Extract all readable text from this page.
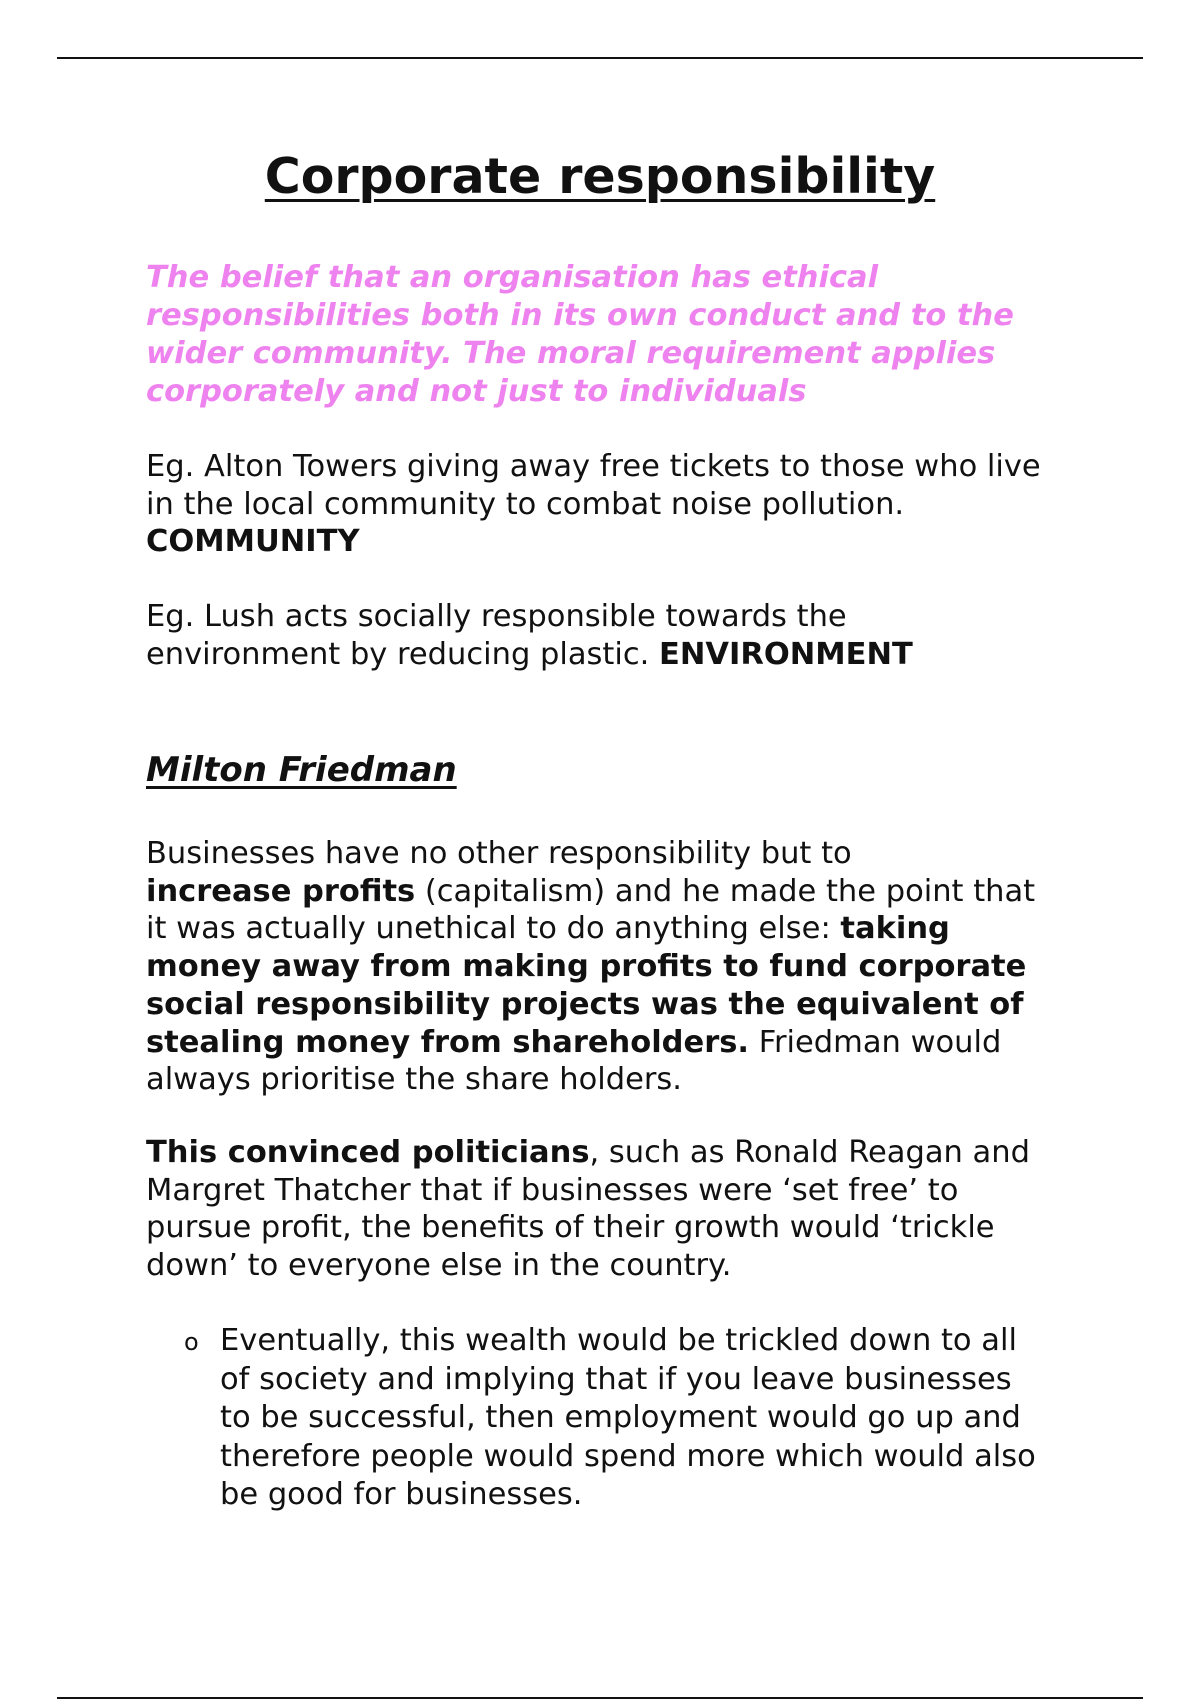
Corporate responsibility

The belief that an organisation has ethical responsibilities both in its own conduct and to the wider community. The moral requirement applies corporately and not just to individuals

Eg. Alton Towers giving away free tickets to those who live in the local community to combat noise pollution.
COMMUNITY

Eg. Lush acts socially responsible towards the environment by reducing plastic. ENVIRONMENT

Milton Friedman

Businesses have no other responsibility but to
increase profits (capitalism) and he made the point that it was actually unethical to do anything else: taking money away from making profits to fund corporate social responsibility projects was the equivalent of stealing money from shareholders. Friedman would always prioritise the share holders.

This convinced politicians, such as Ronald Reagan and Margret Thatcher that if businesses were ‘set free’ to pursue profit, the benefits of their growth would ‘trickle down’ to everyone else in the country.

o Eventually, this wealth would be trickled down to all of society and implying that if you leave businesses to be successful, then employment would go up and therefore people would spend more which would also be good for businesses.
